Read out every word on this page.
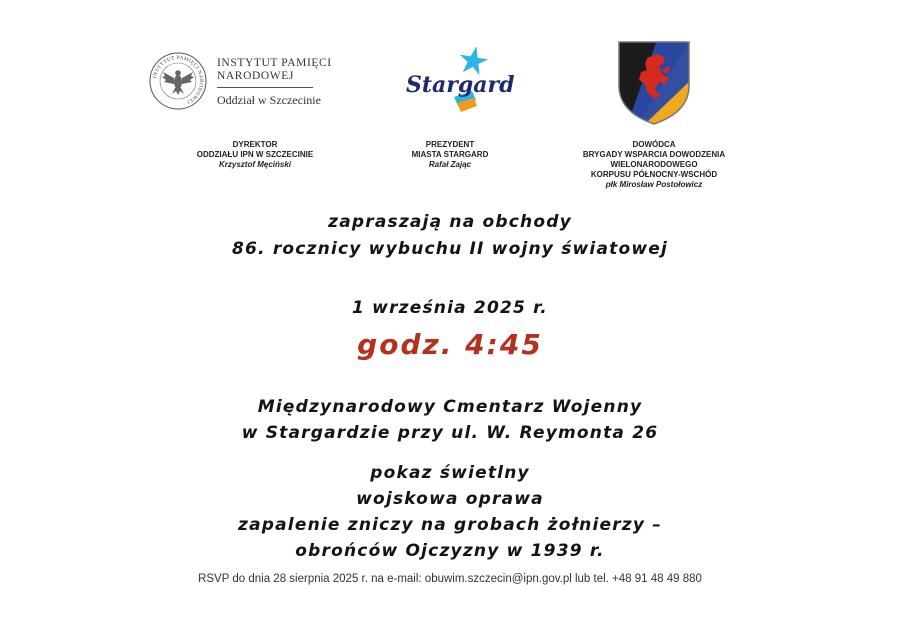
INSTYTUT PAMIĘCI NARODOWEJ
INSTYTUT PAMIĘCI
NARODOWEJ
Oddział w Szczecinie
Stargard
DYREKTOR
ODDZIAŁU IPN W SZCZECINIE
Krzysztof Męciński
PREZYDENT
MIASTA STARGARD
Rafał Zając
DOWÓDCA
BRYGADY WSPARCIA DOWODZENIA
WIELONARODOWEGO
KORPUSU PÓŁNOCNY-WSCHÓD
płk Mirosław Postołowicz
zapraszają na obchody
86. rocznicy wybuchu II wojny światowej
1 września 2025 r.
godz. 4:45
Międzynarodowy Cmentarz Wojenny
w Stargardzie przy ul. W. Reymonta 26
pokaz świetlny
wojskowa oprawa
zapalenie zniczy na grobach żołnierzy –
obrońców Ojczyzny w 1939 r.
RSVP do dnia 28 sierpnia 2025 r. na e-mail: obuwim.szczecin@ipn.gov.pl lub tel. +48 91 48 49 880
